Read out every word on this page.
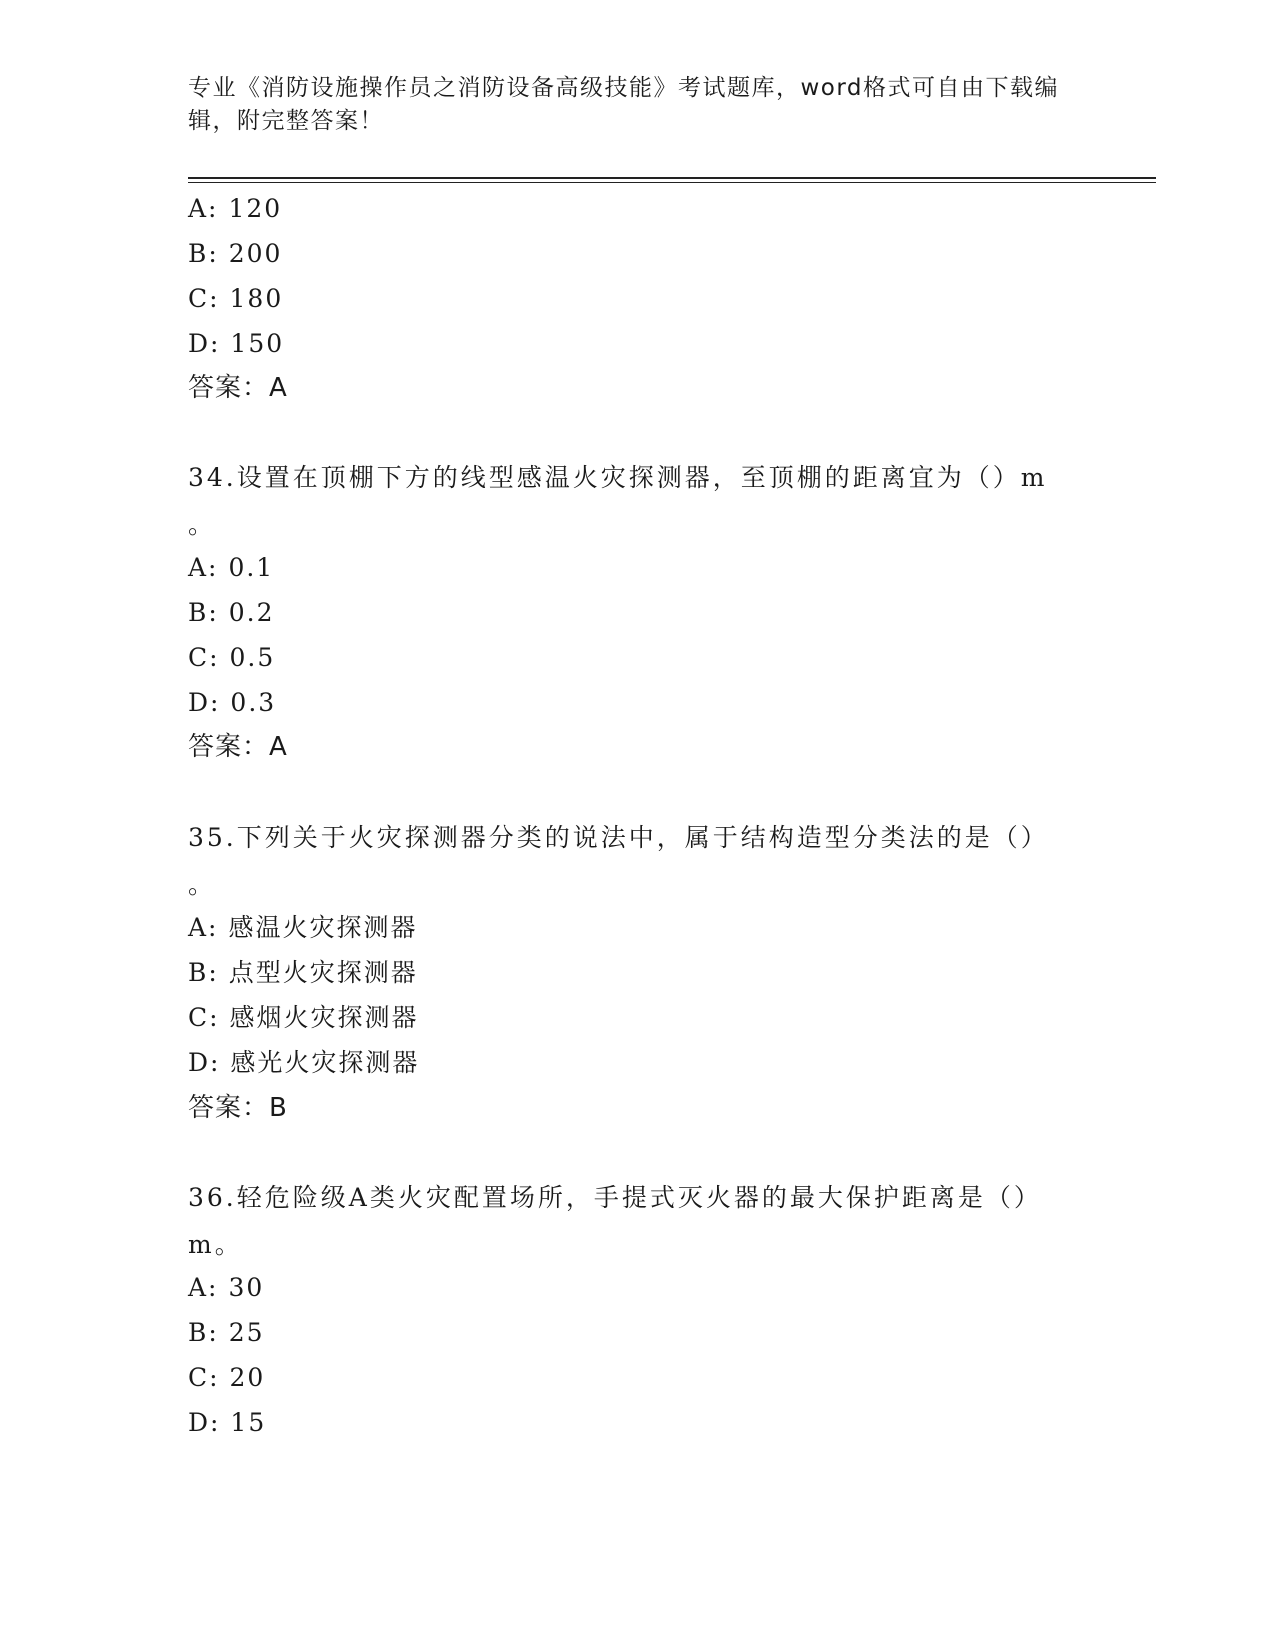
专业《消防设施操作员之消防设备高级技能》考试题库，word格式可自由下载编
辑，附完整答案！
A: 120
B: 200
C: 180
D: 150
答案：A
34.设置在顶棚下方的线型感温火灾探测器，至顶棚的距离宜为（）m
。
A: 0.1
B: 0.2
C: 0.5
D: 0.3
答案：A
35.下列关于火灾探测器分类的说法中，属于结构造型分类法的是（）
。
A: 感温火灾探测器
B: 点型火灾探测器
C: 感烟火灾探测器
D: 感光火灾探测器
答案：B
36.轻危险级A类火灾配置场所，手提式灭火器的最大保护距离是（）
m。
A: 30
B: 25
C: 20
D: 15
